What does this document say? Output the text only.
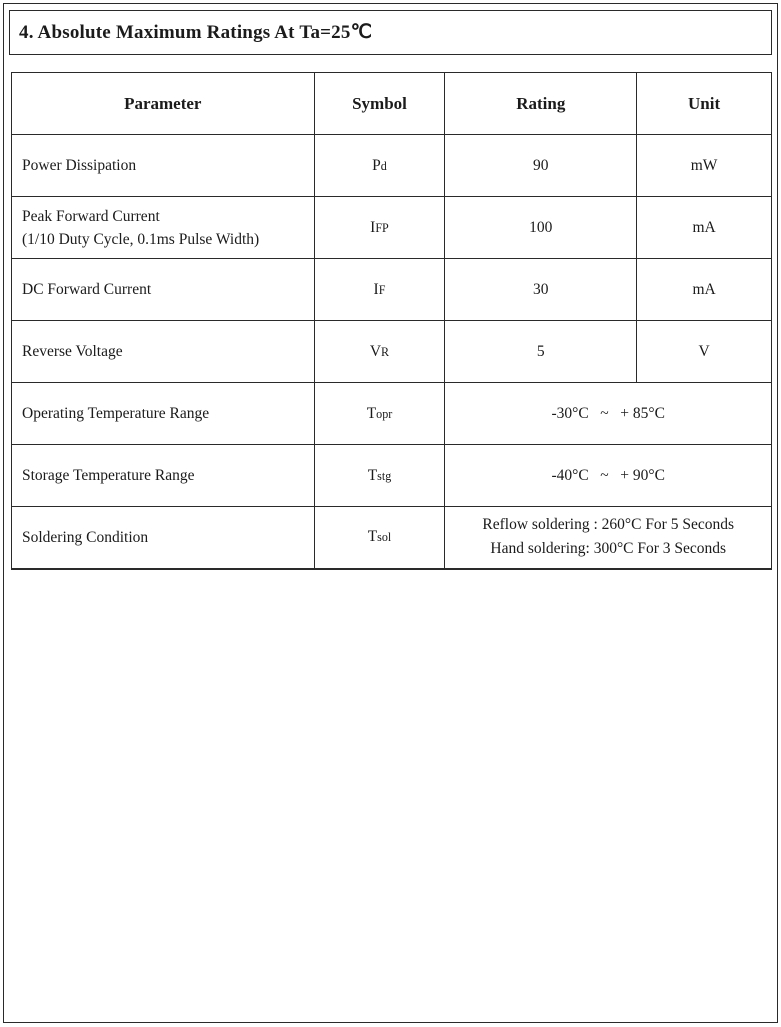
4. Absolute Maximum Ratings At Ta=25℃
Parameter	Symbol	Rating	Unit
Power Dissipation	Pd	90	mW

Peak Forward Current
(1/10 Duty Cycle, 0.1ms Pulse Width)	IFP	100	mA
DC Forward Current	IF	30	mA
Reverse Voltage	VR	5	V
Operating Temperature Range	Topr	-30°C   ~   + 85°C	
Storage Temperature Range	Tstg	-40°C   ~   + 90°C	
Soldering Condition	Tsol	Reflow soldering : 260°C For 5 Seconds
Hand soldering: 300°C For 3 Seconds	
